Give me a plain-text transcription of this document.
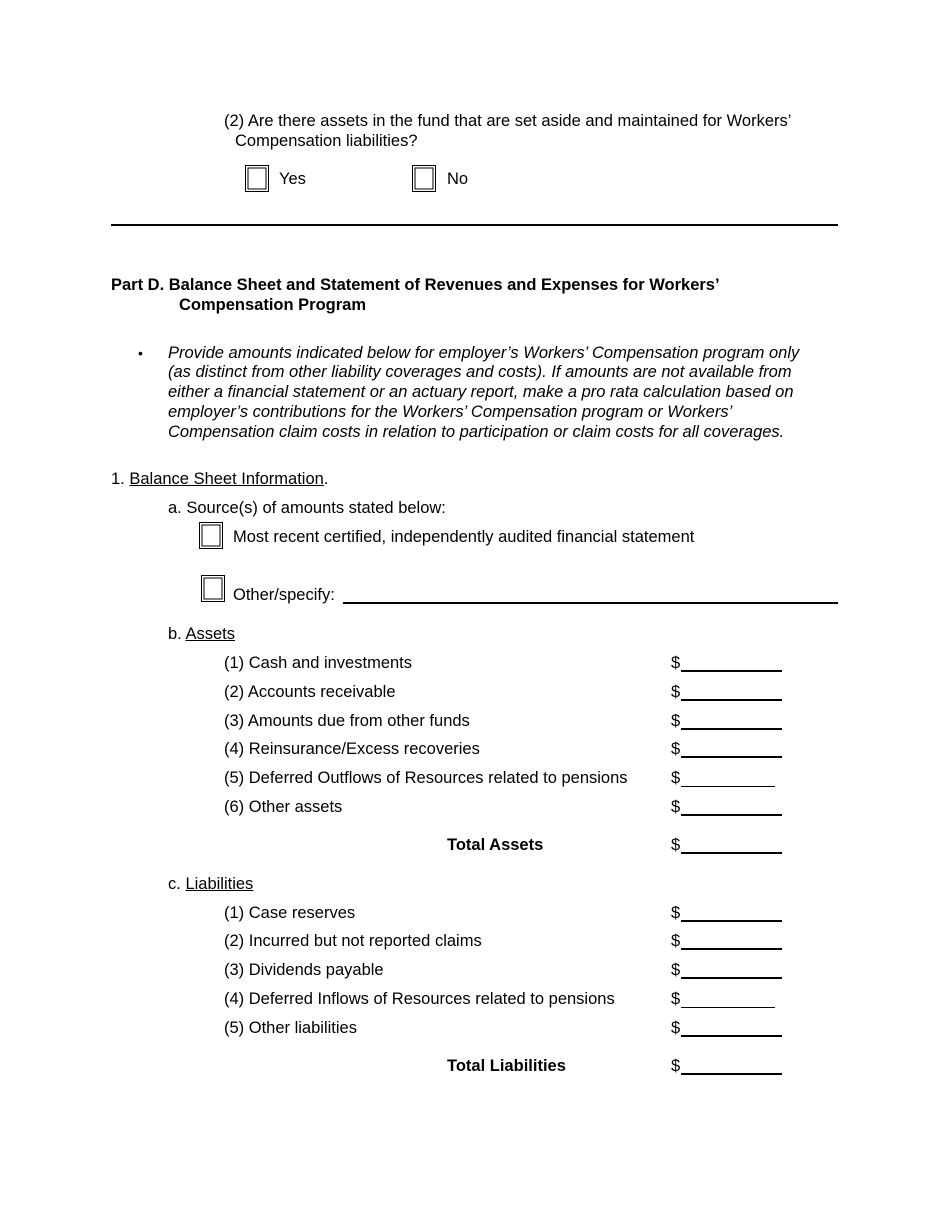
(2) Are there assets in the fund that are set aside and maintained for Workers’
Compensation liabilities?
Yes	No
Part D. Balance Sheet and Statement of Revenues and Expenses for Workers’
Compensation Program
• Provide amounts indicated below for employer’s Workers’ Compensation program only
(as distinct from other liability coverages and costs). If amounts are not available from
either a financial statement or an actuary report, make a pro rata calculation based on
employer’s contributions for the Workers’ Compensation program or Workers’
Compensation claim costs in relation to participation or claim costs for all coverages.
1. Balance Sheet Information.
a. Source(s) of amounts stated below:
Most recent certified, independently audited financial statement
Other/specify:
b. Assets
(1) Cash and investments	$
(2) Accounts receivable	$
(3) Amounts due from other funds	$
(4) Reinsurance/Excess recoveries	$
(5) Deferred Outflows of Resources related to pensions	$
(6) Other assets	$
Total Assets	$
c. Liabilities
(1) Case reserves	$
(2) Incurred but not reported claims	$
(3) Dividends payable	$
(4) Deferred Inflows of Resources related to pensions	$
(5) Other liabilities	$
Total Liabilities	$
